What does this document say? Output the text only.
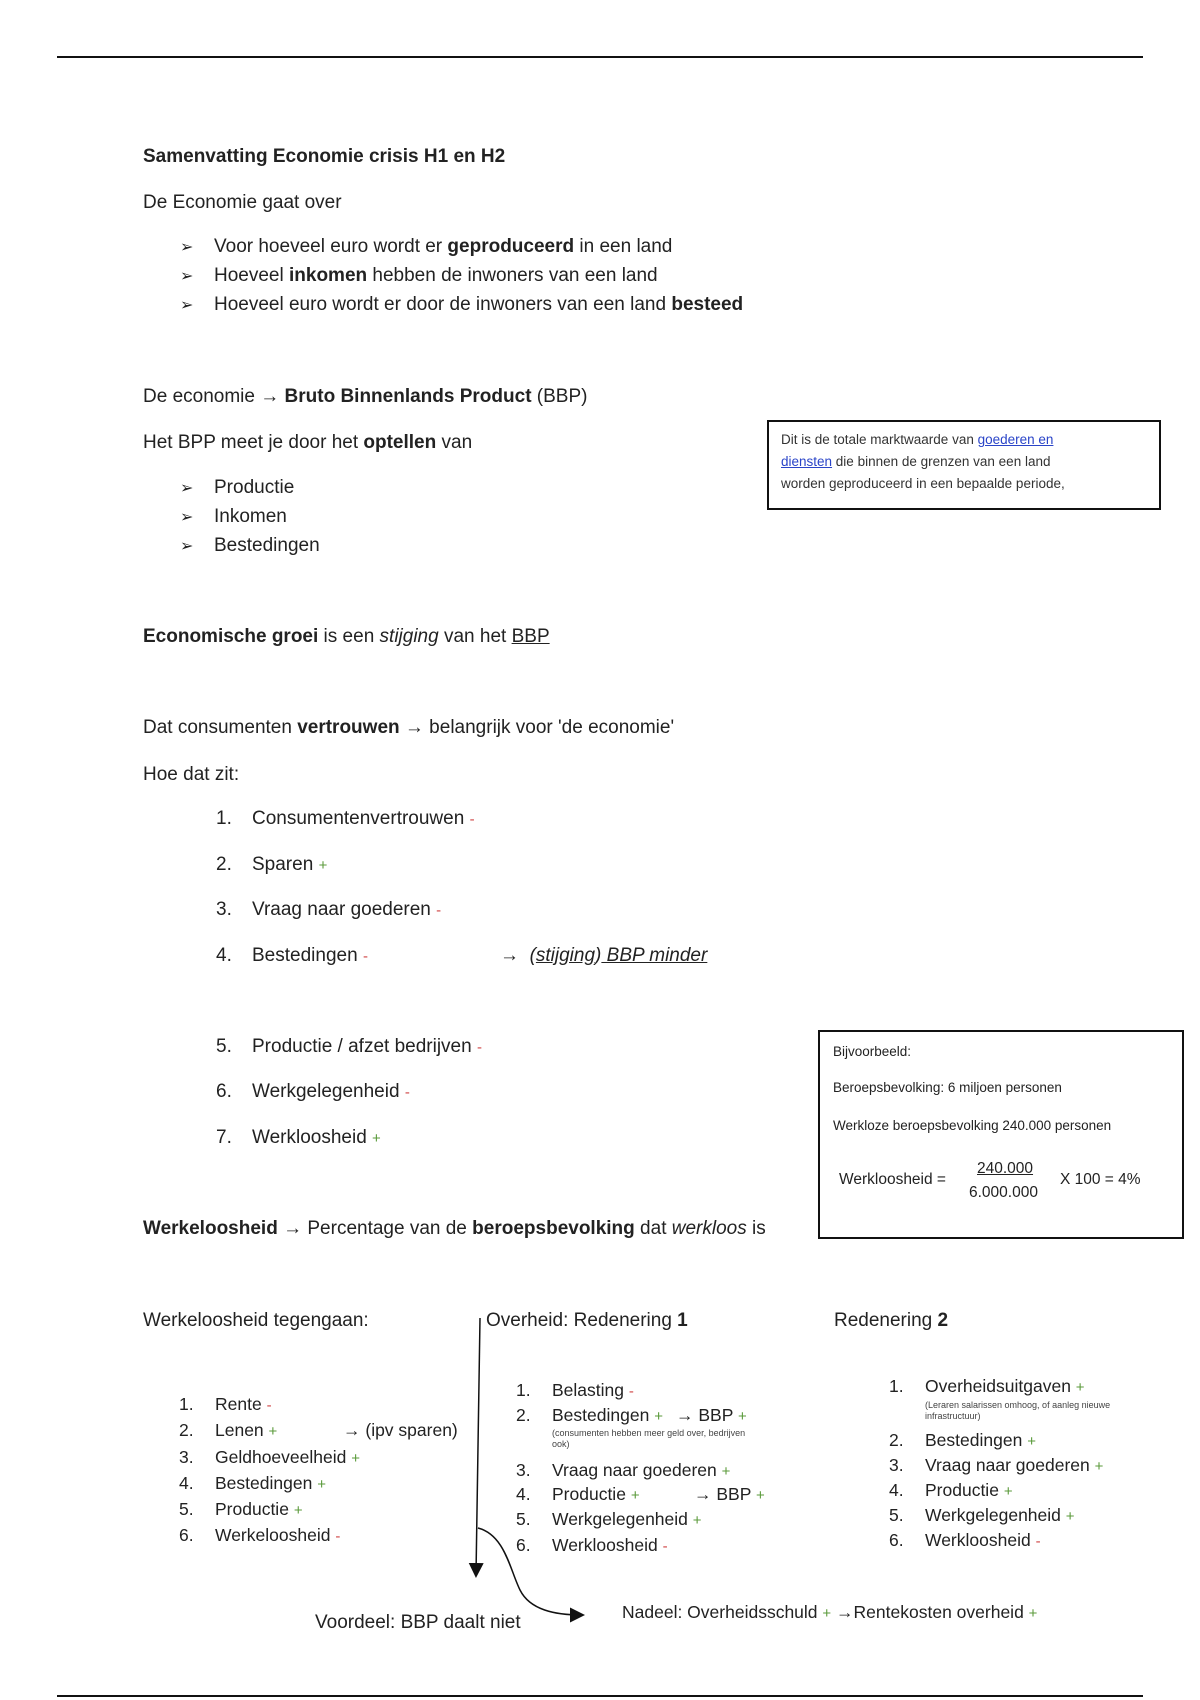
Samenvatting Economie crisis H1 en H2
De Economie gaat over
➢ Voor hoeveel euro wordt er geproduceerd in een land
➢ Hoeveel inkomen hebben de inwoners van een land
➢ Hoeveel euro wordt er door de inwoners van een land besteed
De economie → Bruto Binnenlands Product (BBP)
Het BPP meet je door het optellen van
➢ Productie
➢ Inkomen
➢ Bestedingen
Dit is de totale marktwaarde van goederen en
diensten die binnen de grenzen van een land
worden geproduceerd in een bepaalde periode,
Economische groei is een stijging van het BBP
Dat consumenten vertrouwen → belangrijk voor 'de economie'
Hoe dat zit:
1. Consumentenvertrouwen -
2. Sparen +
3. Vraag naar goederen -
4. Bestedingen -	→ (stijging) BBP minder
5. Productie / afzet bedrijven -
6. Werkgelegenheid -
7. Werkloosheid +
Bijvoorbeeld:
Beroepsbevolking: 6 miljoen personen
Werkloze beroepsbevolking 240.000 personen
Werkloosheid =
240.000
6.000.000
X 100 = 4%
Werkeloosheid → Percentage van de beroepsbevolking dat werkloos is
Werkeloosheid tegengaan:	Overheid: Redenering 1	Redenering 2
1. Rente -
2. Lenen +	→ (ipv sparen)
3. Geldhoeveelheid +
4. Bestedingen +
5. Productie +
6. Werkeloosheid -
1. Belasting -
2. Bestedingen + → BBP +
(consumenten hebben meer geld over, bedrijven ook)
3. Vraag naar goederen +
4. Productie +	→ BBP +
5. Werkgelegenheid +
6. Werkloosheid -
1. Overheidsuitgaven +
(Leraren salarissen omhoog, of aanleg nieuwe infrastructuur)
2. Bestedingen +
3. Vraag naar goederen +
4. Productie +
5. Werkgelegenheid +
6. Werkloosheid -
Voordeel: BBP daalt niet	Nadeel: Overheidsschuld + →Rentekosten overheid +
